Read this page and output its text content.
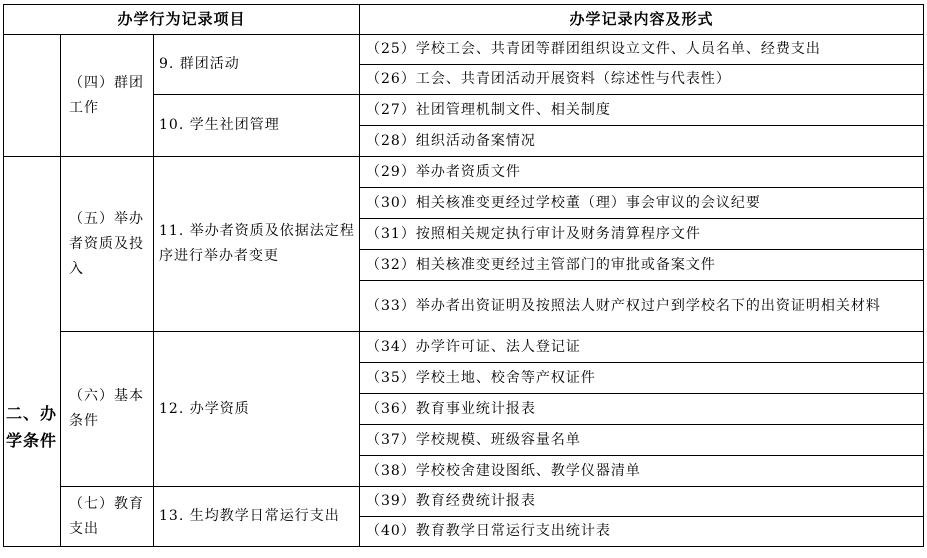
办学行为记录项目			办学记录内容及形式
	（四）群团工作	9. 群团活动	（25）学校工会、共青团等群团组织设立文件、人员名单、经费支出
			（26）工会、共青团活动开展资料（综述性与代表性）
		10. 学生社团管理	（27）社团管理机制文件、相关制度
			（28）组织活动备案情况

二、办学条件	（五）举办者资质及投入	11. 举办者资质及依据法定程序进行举办者变更	（29）举办者资质文件
			（30）相关核准变更经过学校董（理）事会审议的会议纪要
			（31）按照相关规定执行审计及财务清算程序文件
			（32）相关核准变更经过主管部门的审批或备案文件
			（33）举办者出资证明及按照法人财产权过户到学校名下的出资证明相关材料
	（六）基本条件	12. 办学资质	（34）办学许可证、法人登记证
			（35）学校土地、校舍等产权证件
			（36）教育事业统计报表
			（37）学校规模、班级容量名单
			（38）学校校舍建设图纸、教学仪器清单
	（七）教育支出	13. 生均教学日常运行支出	（39）教育经费统计报表
			（40）教育教学日常运行支出统计表
